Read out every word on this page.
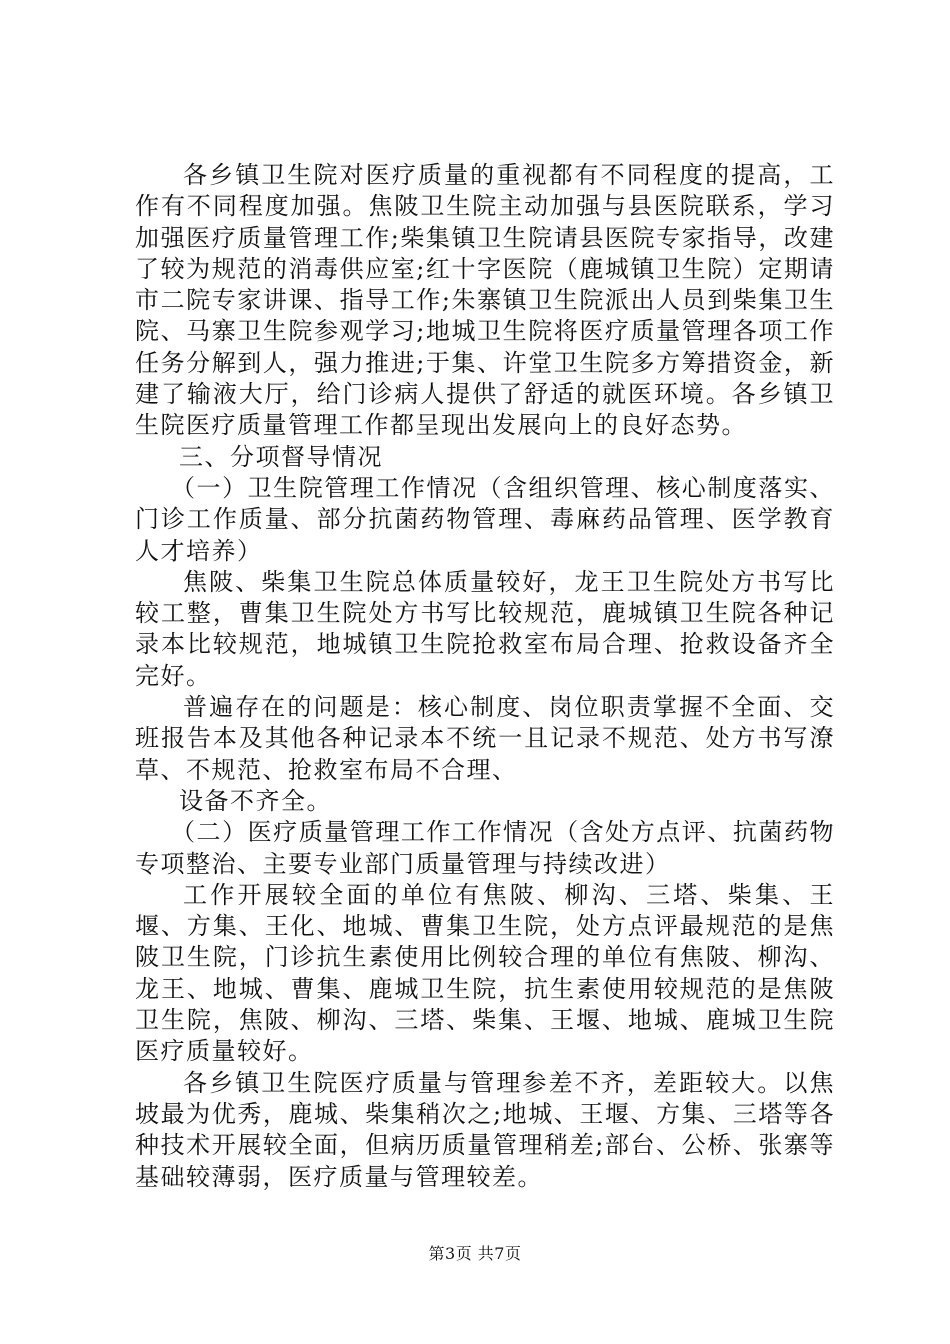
各乡镇卫生院对医疗质量的重视都有不同程度的提高，工作有不同程度加强。焦陂卫生院主动加强与县医院联系，学习加强医疗质量管理工作;柴集镇卫生院请县医院专家指导，改建了较为规范的消毒供应室;红十字医院（鹿城镇卫生院）定期请市二院专家讲课、指导工作;朱寨镇卫生院派出人员到柴集卫生院、马寨卫生院参观学习;地城卫生院将医疗质量管理各项工作任务分解到人，强力推进;于集、许堂卫生院多方筹措资金，新建了输液大厅，给门诊病人提供了舒适的就医环境。各乡镇卫生院医疗质量管理工作都呈现出发展向上的良好态势。

三、分项督导情况

（一）卫生院管理工作情况（含组织管理、核心制度落实、门诊工作质量、部分抗菌药物管理、毒麻药品管理、医学教育人才培养）

焦陂、柴集卫生院总体质量较好，龙王卫生院处方书写比较工整，曹集卫生院处方书写比较规范，鹿城镇卫生院各种记录本比较规范，地城镇卫生院抢救室布局合理、抢救设备齐全完好。

普遍存在的问题是：核心制度、岗位职责掌握不全面、交班报告本及其他各种记录本不统一且记录不规范、处方书写潦草、不规范、抢救室布局不合理、

设备不齐全。

（二）医疗质量管理工作工作情况（含处方点评、抗菌药物专项整治、主要专业部门质量管理与持续改进）

工作开展较全面的单位有焦陂、柳沟、三塔、柴集、王堰、方集、王化、地城、曹集卫生院，处方点评最规范的是焦陂卫生院，门诊抗生素使用比例较合理的单位有焦陂、柳沟、龙王、地城、曹集、鹿城卫生院，抗生素使用较规范的是焦陂卫生院，焦陂、柳沟、三塔、柴集、王堰、地城、鹿城卫生院医疗质量较好。

各乡镇卫生院医疗质量与管理参差不齐，差距较大。以焦坡最为优秀，鹿城、柴集稍次之;地城、王堰、方集、三塔等各种技术开展较全面，但病历质量管理稍差;部台、公桥、张寨等基础较薄弱，医疗质量与管理较差。

第3页 共7页
